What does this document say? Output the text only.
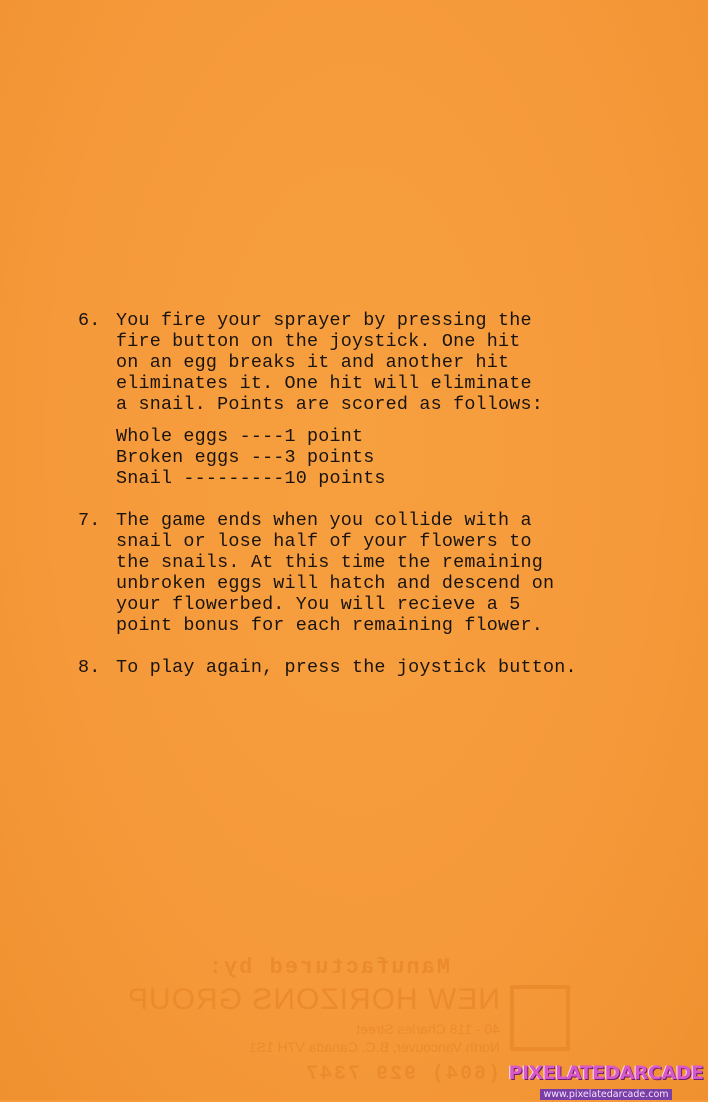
6. You fire your sprayer by pressing the
fire button on the joystick. One hit
on an egg breaks it and another hit
eliminates it. One hit will eliminate
a snail. Points are scored as follows:
Whole eggs ----1 point
Broken eggs ---3 points
Snail ---------10 points
7. The game ends when you collide with a
snail or lose half of your flowers to
the snails. At this time the remaining
unbroken eggs will hatch and descend on
your flowerbed. You will recieve a 5
point bonus for each remaining flower.
8. To play again, press the joystick button.
Manufactured by:
NEW HORIZONS GROUP
40 - 118 Charles Street
North Vancouver, B.C. Canada V7H 1S1
(604) 929 7347 PIXELATEDARCADE
www.pixelatedarcade.com
